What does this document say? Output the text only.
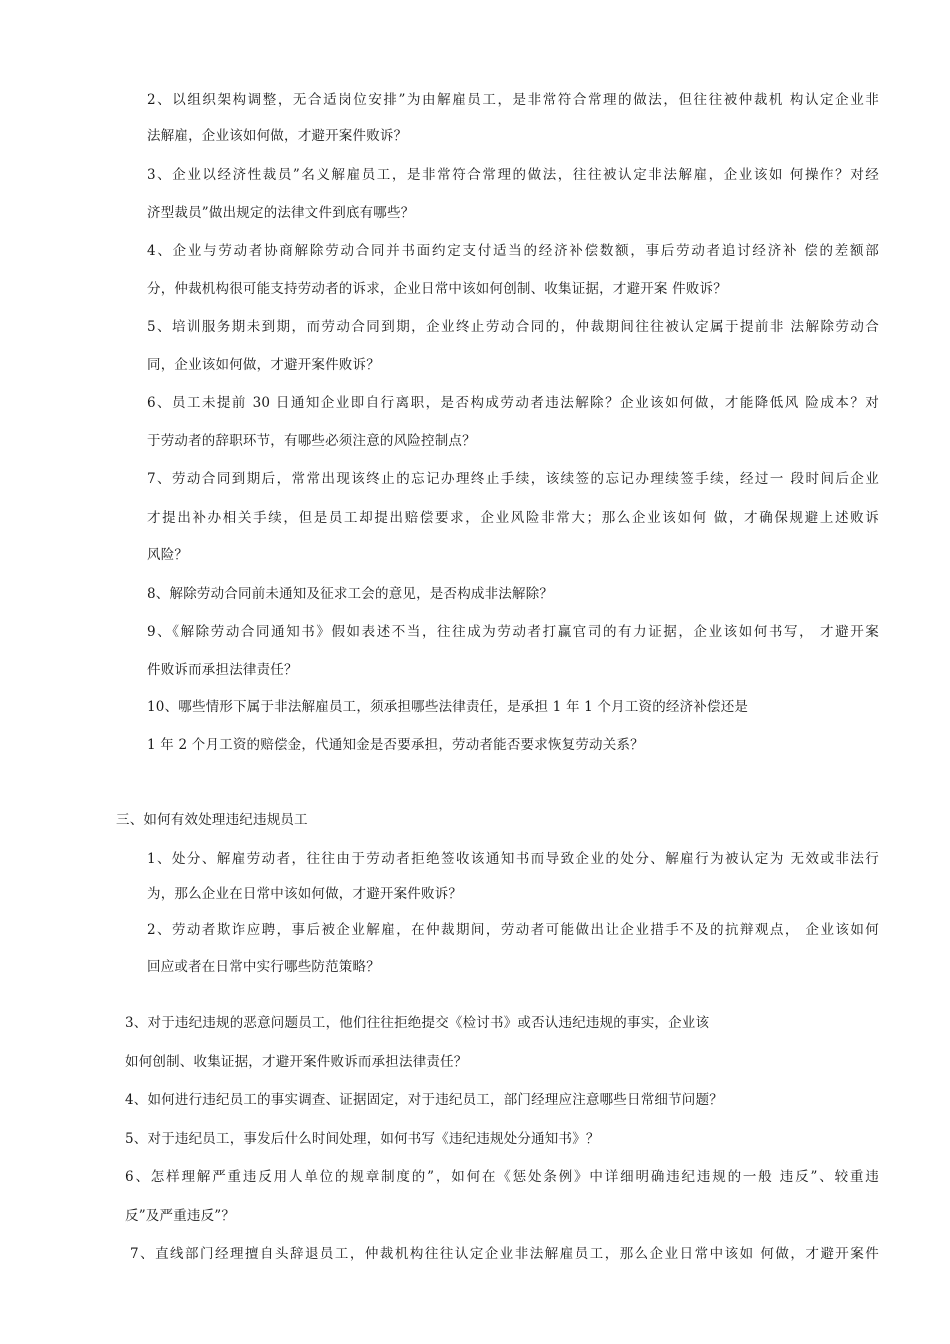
2、以组织架构调整，无合适岗位安排”为由解雇员工，是非常符合常理的做法，但往往被仲裁机 构认定企业非
法解雇，企业该如何做，才避开案件败诉？
3、企业以经济性裁员”名义解雇员工，是非常符合常理的做法，往往被认定非法解雇，企业该如 何操作？对经
济型裁员”做出规定的法律文件到底有哪些？
4、企业与劳动者协商解除劳动合同并书面约定支付适当的经济补偿数额，事后劳动者追讨经济补 偿的差额部
分，仲裁机构很可能支持劳动者的诉求，企业日常中该如何创制、收集证据，才避开案 件败诉？
5、培训服务期未到期，而劳动合同到期，企业终止劳动合同的，仲裁期间往往被认定属于提前非 法解除劳动合
同，企业该如何做，才避开案件败诉？
6、员工未提前 30 日通知企业即自行离职，是否构成劳动者违法解除？企业该如何做，才能降低风 险成本？对
于劳动者的辞职环节，有哪些必须注意的风险控制点？
7、劳动合同到期后，常常出现该终止的忘记办理终止手续，该续签的忘记办理续签手续，经过一 段时间后企业
才提出补办相关手续，但是员工却提出赔偿要求，企业风险非常大；那么企业该如何 做，才确保规避上述败诉
风险？
8、解除劳动合同前未通知及征求工会的意见，是否构成非法解除？
9、《解除劳动合同通知书》假如表述不当，往往成为劳动者打赢官司的有力证据，企业该如何书写， 才避开案
件败诉而承担法律责任？
10、哪些情形下属于非法解雇员工，须承担哪些法律责任，是承担 1 年 1 个月工资的经济补偿还是
1 年 2 个月工资的赔偿金，代通知金是否要承担，劳动者能否要求恢复劳动关系？
三、如何有效处理违纪违规员工
1、处分、解雇劳动者，往往由于劳动者拒绝签收该通知书而导致企业的处分、解雇行为被认定为 无效或非法行
为，那么企业在日常中该如何做，才避开案件败诉？
2、劳动者欺诈应聘，事后被企业解雇，在仲裁期间，劳动者可能做出让企业措手不及的抗辩观点， 企业该如何
回应或者在日常中实行哪些防范策略？
3、对于违纪违规的恶意问题员工，他们往往拒绝提交《检讨书》或否认违纪违规的事实，企业该
如何创制、收集证据，才避开案件败诉而承担法律责任？
4、如何进行违纪员工的事实调查、证据固定，对于违纪员工，部门经理应注意哪些日常细节问题？
5、对于违纪员工，事发后什么时间处理，如何书写《违纪违规处分通知书》？
6、怎样理解严重违反用人单位的规章制度的”，如何在《惩处条例》中详细明确违纪违规的一般 违反”、较重违
反”及严重违反”？
7、直线部门经理擅自头辞退员工，仲裁机构往往认定企业非法解雇员工，那么企业日常中该如 何做，才避开案件
